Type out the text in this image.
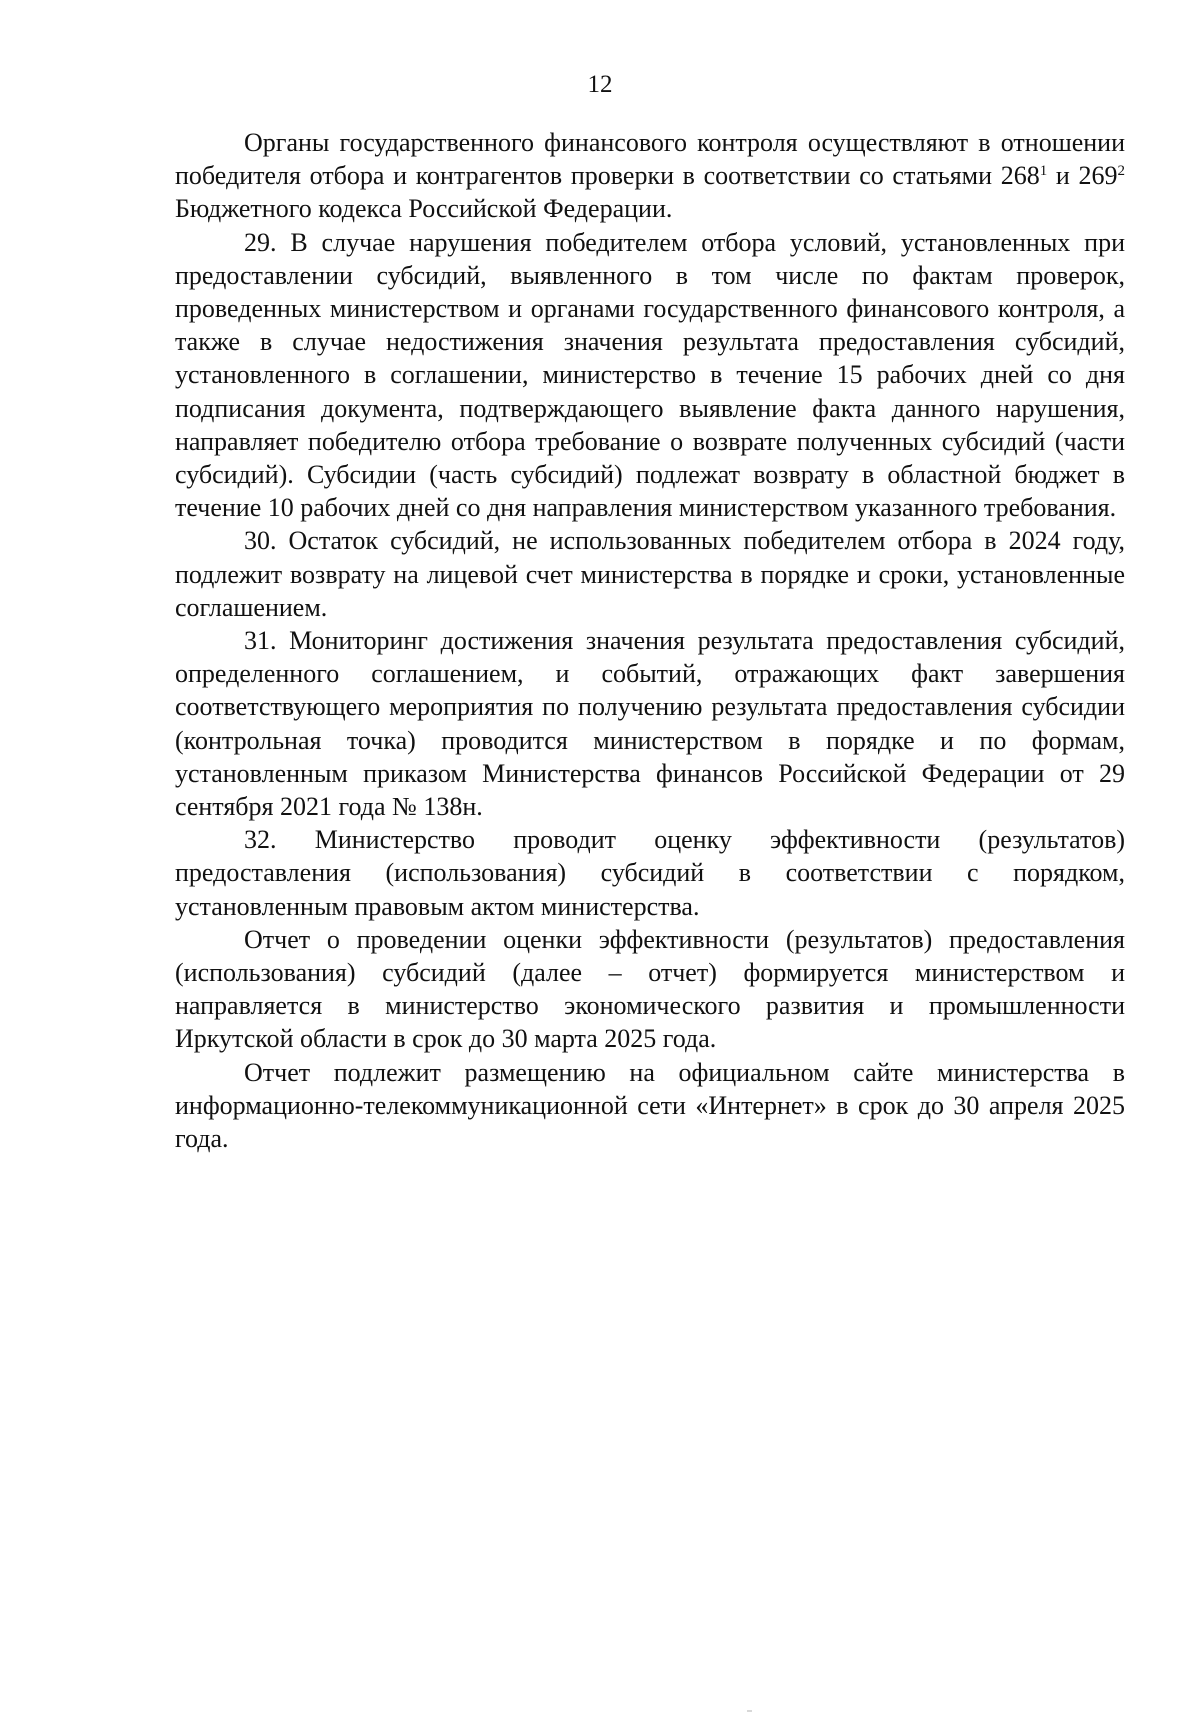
12

Органы государственного финансового контроля осуществляют в отношении победителя отбора и контрагентов проверки в соответствии со статьями $268^1$ и $269^2$ Бюджетного кодекса Российской Федерации.

29. В случае нарушения победителем отбора условий, установленных при предоставлении субсидий, выявленного в том числе по фактам проверок, проведенных министерством и органами государственного финансового контроля, а также в случае недостижения значения результата предоставления субсидий, установленного в соглашении, министерство в течение 15 рабочих дней со дня подписания документа, подтверждающего выявление факта данного нарушения, направляет победителю отбора требование о возврате полученных субсидий (части субсидий). Субсидии (часть субсидий) подлежат возврату в областной бюджет в течение 10 рабочих дней со дня направления министерством указанного требования.

30. Остаток субсидий, не использованных победителем отбора в 2024 году, подлежит возврату на лицевой счет министерства в порядке и сроки, установленные соглашением.

31. Мониторинг достижения значения результата предоставления субсидий, определенного соглашением, и событий, отражающих факт завершения соответствующего мероприятия по получению результата предоставления субсидии (контрольная точка) проводится министерством в порядке и по формам, установленным приказом Министерства финансов Российской Федерации от 29 сентября 2021 года № 138н.

32. Министерство проводит оценку эффективности (результатов) предоставления (использования) субсидий в соответствии с порядком, установленным правовым актом министерства.

Отчет о проведении оценки эффективности (результатов) предоставления (использования) субсидий (далее – отчет) формируется министерством и направляется в министерство экономического развития и промышленности Иркутской области в срок до 30 марта 2025 года.

Отчет подлежит размещению на официальном сайте министерства в информационно-телекоммуникационной сети «Интернет» в срок до 30 апреля 2025 года.
